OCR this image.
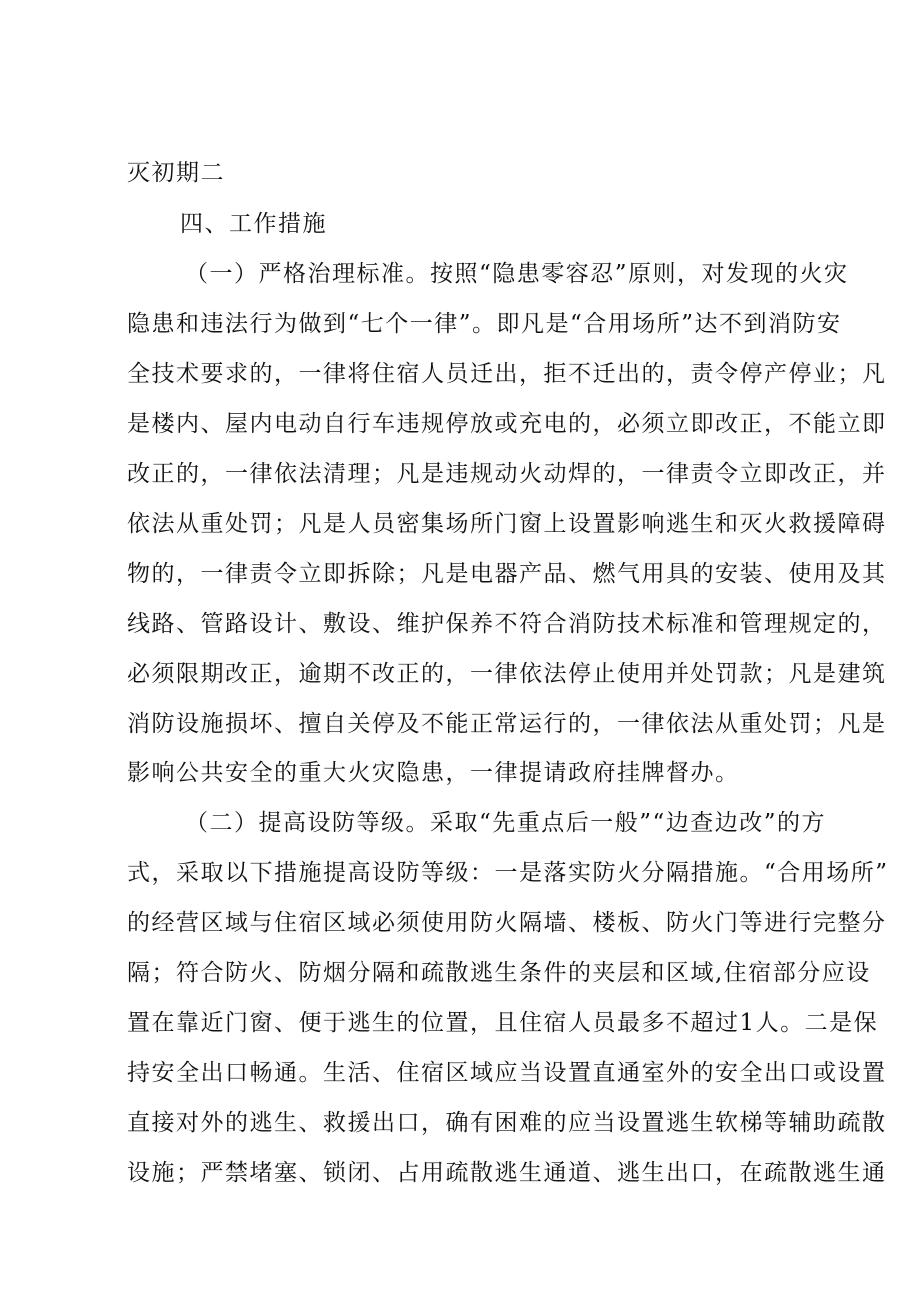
灭初期二
四、工作措施
（一）严格治理标准。按照“隐患零容忍”原则，对发现的火灾
隐患和违法行为做到“七个一律”。即凡是“合用场所”达不到消防安
全技术要求的，一律将住宿人员迁出，拒不迁出的，责令停产停业；凡
是楼内、屋内电动自行车违规停放或充电的，必须立即改正，不能立即
改正的，一律依法清理；凡是违规动火动焊的，一律责令立即改正，并
依法从重处罚；凡是人员密集场所门窗上设置影响逃生和灭火救援障碍
物的，一律责令立即拆除；凡是电器产品、燃气用具的安装、使用及其
线路、管路设计、敷设、维护保养不符合消防技术标准和管理规定的，
必须限期改正，逾期不改正的，一律依法停止使用并处罚款；凡是建筑
消防设施损坏、擅自关停及不能正常运行的，一律依法从重处罚；凡是
影响公共安全的重大火灾隐患，一律提请政府挂牌督办。
（二）提高设防等级。采取“先重点后一般”“边查边改”的方
式，采取以下措施提高设防等级：一是落实防火分隔措施。“合用场所”
的经营区域与住宿区域必须使用防火隔墙、楼板、防火门等进行完整分
隔；符合防火、防烟分隔和疏散逃生条件的夹层和区域,住宿部分应设
置在靠近门窗、便于逃生的位置，且住宿人员最多不超过1人。二是保
持安全出口畅通。生活、住宿区域应当设置直通室外的安全出口或设置
直接对外的逃生、救援出口，确有困难的应当设置逃生软梯等辅助疏散
设施；严禁堵塞、锁闭、占用疏散逃生通道、逃生出口，在疏散逃生通
